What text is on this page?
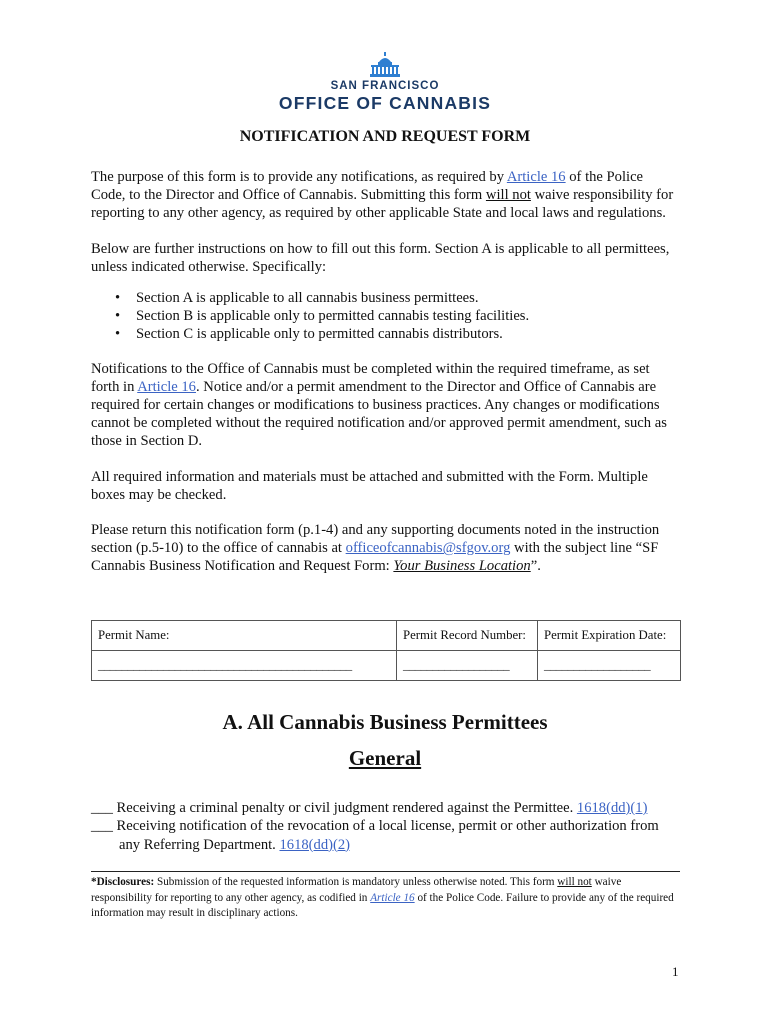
SAN FRANCISCO
OFFICE OF CANNABIS
NOTIFICATION AND REQUEST FORM

The purpose of this form is to provide any notifications, as required by Article 16 of the Police Code, to the Director and Office of Cannabis. Submitting this form will not waive responsibility for reporting to any other agency, as required by other applicable State and local laws and regulations.

Below are further instructions on how to fill out this form. Section A is applicable to all permittees, unless indicated otherwise. Specifically:

• Section A is applicable to all cannabis business permittees.
• Section B is applicable only to permitted cannabis testing facilities.
• Section C is applicable only to permitted cannabis distributors.

Notifications to the Office of Cannabis must be completed within the required timeframe, as set forth in Article 16. Notice and/or a permit amendment to the Director and Office of Cannabis are required for certain changes or modifications to business practices. Any changes or modifications cannot be completed without the required notification and/or approved permit amendment, such as those in Section D.

All required information and materials must be attached and submitted with the Form. Multiple boxes may be checked.

Please return this notification form (p.1-4) and any supporting documents noted in the instruction section (p.5-10) to the office of cannabis at officeofcannabis@sfgov.org with the subject line “SF Cannabis Business Notification and Request Form: Your Business Location”.

Permit Name:	Permit Record Number:	Permit Expiration Date:
___________________________________________	__________________	__________________
A. All Cannabis Business Permittees
General
___ Receiving a criminal penalty or civil judgment rendered against the Permittee. 1618(dd)(1)
___ Receiving notification of the revocation of a local license, permit or other authorization from
any Referring Department. 1618(dd)(2)
*Disclosures: Submission of the requested information is mandatory unless otherwise noted. This form will not waive responsibility for reporting to any other agency, as codified in Article 16 of the Police Code. Failure to provide any of the required information may result in disciplinary actions.
1
